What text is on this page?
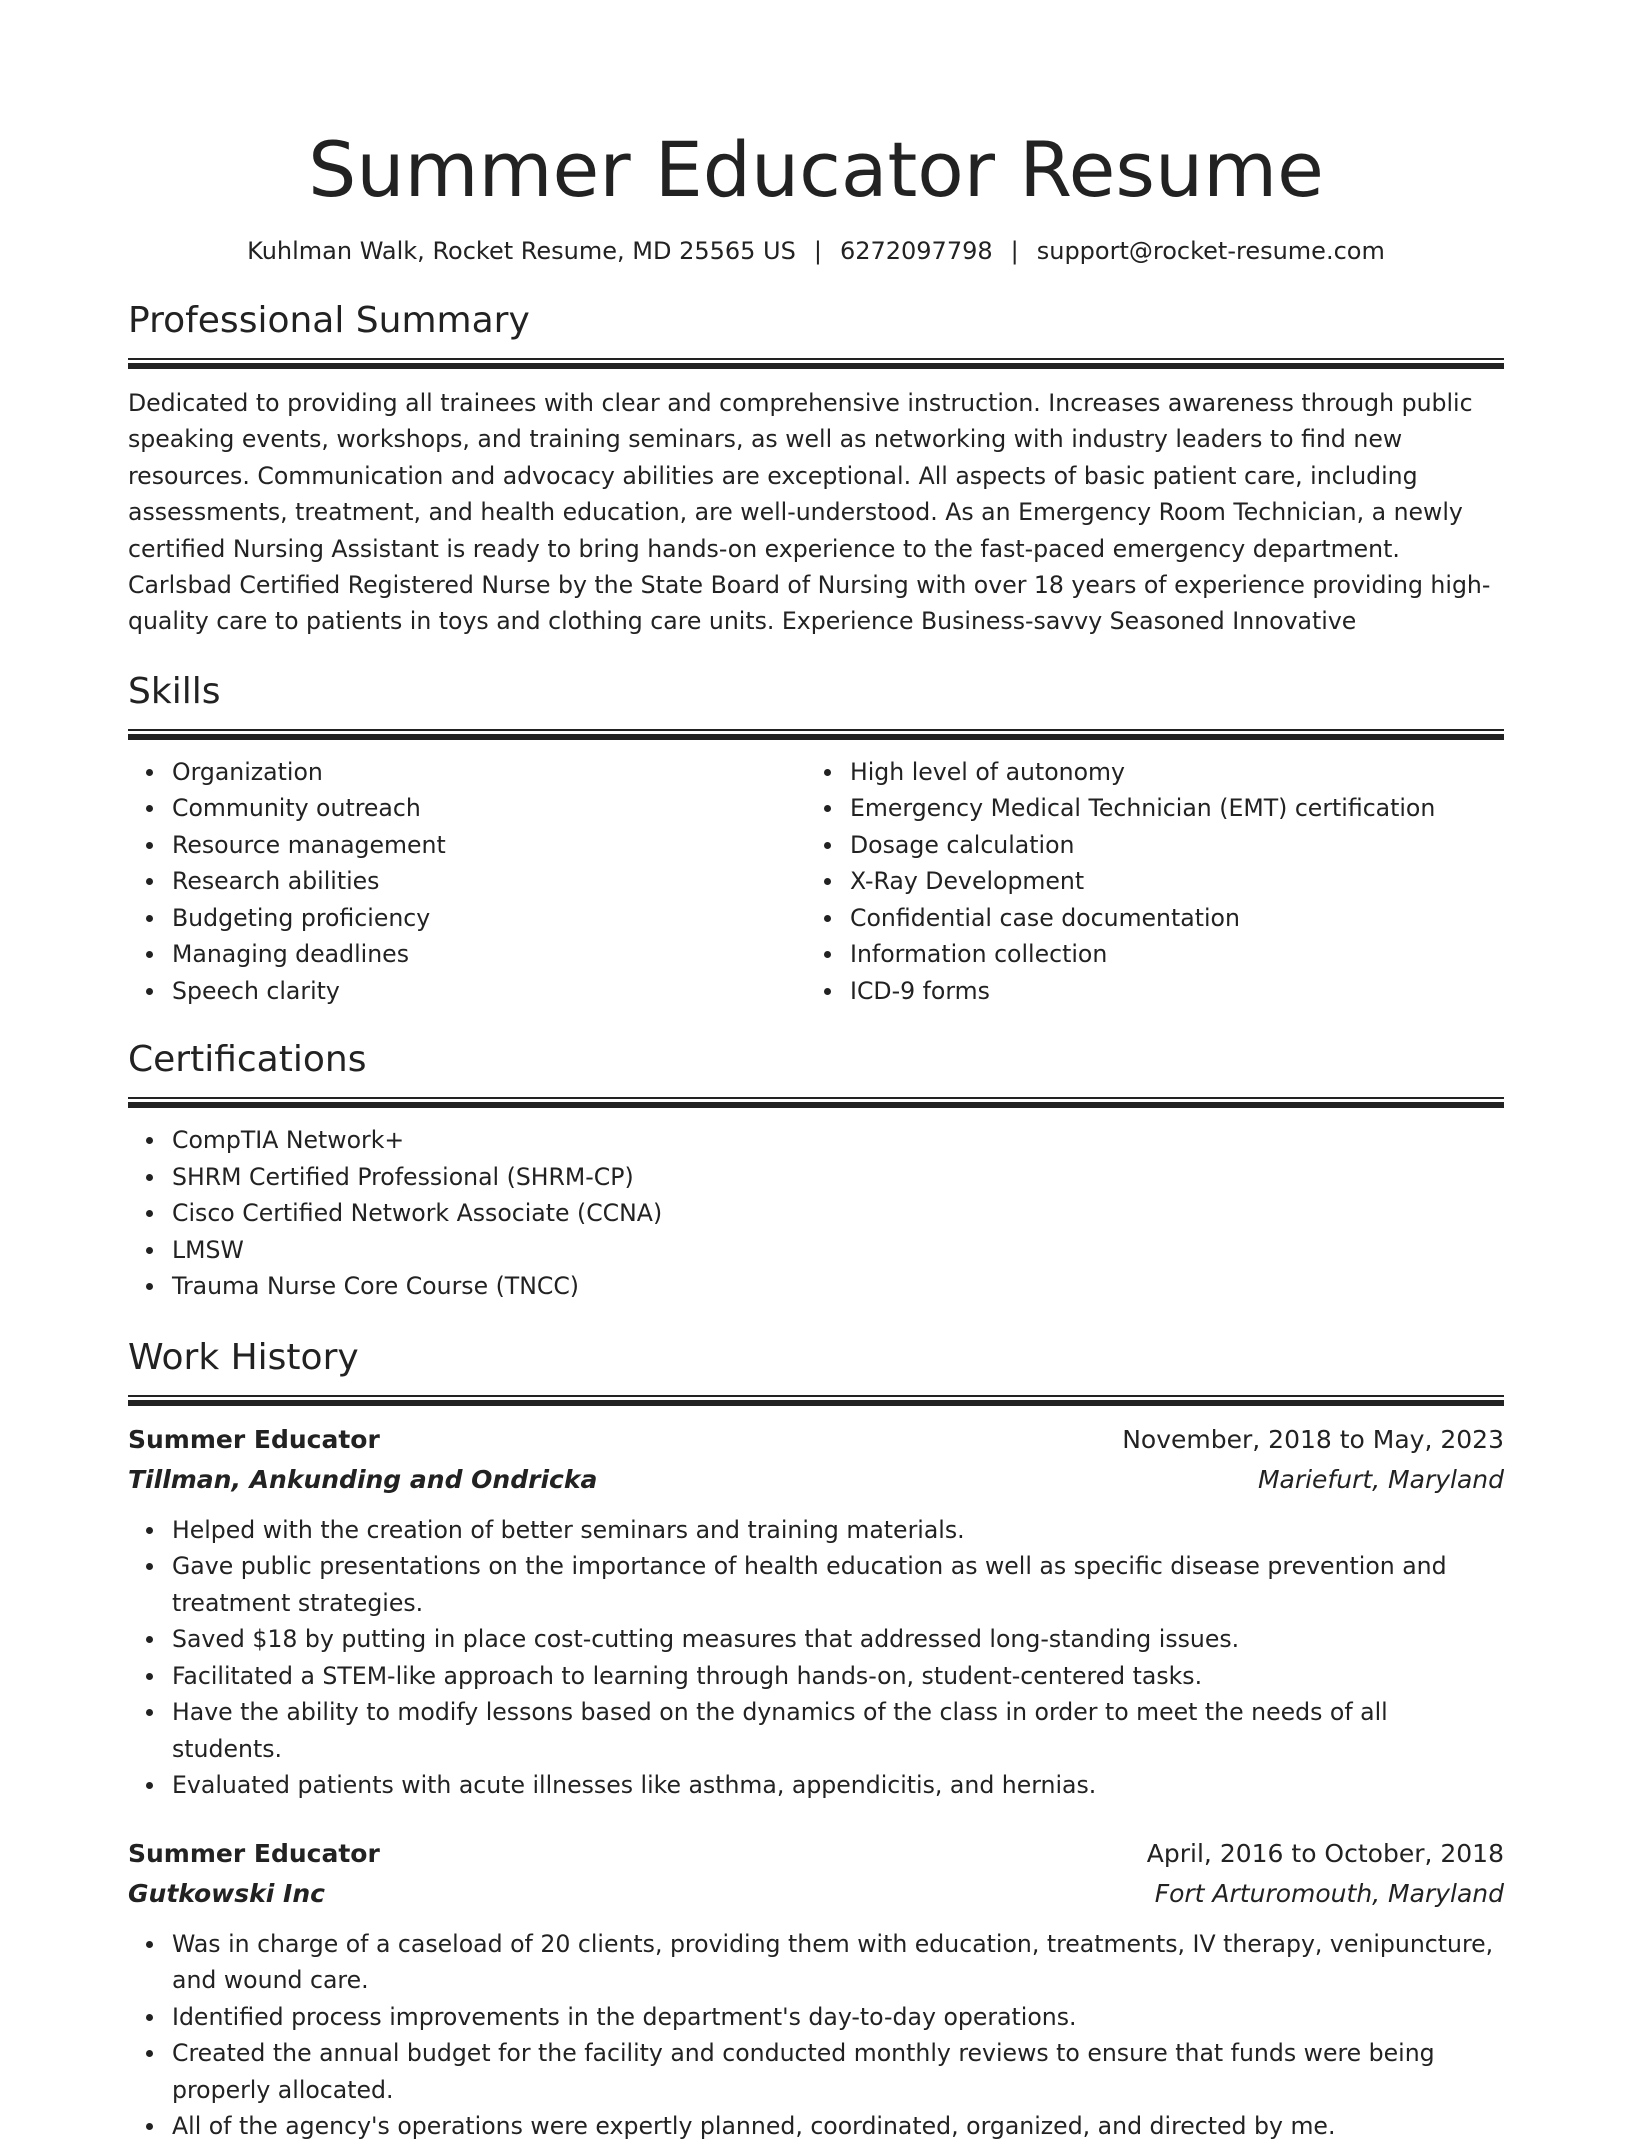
Summer Educator Resume
Kuhlman Walk, Rocket Resume, MD 25565 US | 6272097798 | support@rocket-resume.com
Professional Summary

Dedicated to providing all trainees with clear and comprehensive instruction. Increases awareness through public speaking events, workshops, and training seminars, as well as networking with industry leaders to find new resources. Communication and advocacy abilities are exceptional. All aspects of basic patient care, including assessments, treatment, and health education, are well-understood. As an Emergency Room Technician, a newly certified Nursing Assistant is ready to bring hands-on experience to the fast-paced emergency department. Carlsbad Certified Registered Nurse by the State Board of Nursing with over 18 years of experience providing high-quality care to patients in toys and clothing care units. Experience Business-savvy Seasoned Innovative

Skills
Organization
Community outreach
Resource management
Research abilities
Budgeting proficiency
Managing deadlines
Speech clarity
High level of autonomy
Emergency Medical Technician (EMT) certification
Dosage calculation
X-Ray Development
Confidential case documentation
Information collection
ICD-9 forms
Certifications
CompTIA Network+
SHRM Certified Professional (SHRM-CP)
Cisco Certified Network Associate (CCNA)
LMSW
Trauma Nurse Core Course (TNCC)
Work History
Summer Educator	November, 2018 to May, 2023
Tillman, Ankunding and Ondricka	Mariefurt, Maryland
Helped with the creation of better seminars and training materials.
Gave public presentations on the importance of health education as well as specific disease prevention and treatment strategies.
Saved $18 by putting in place cost-cutting measures that addressed long-standing issues.
Facilitated a STEM-like approach to learning through hands-on, student-centered tasks.
Have the ability to modify lessons based on the dynamics of the class in order to meet the needs of all students.
Evaluated patients with acute illnesses like asthma, appendicitis, and hernias.
Summer Educator	April, 2016 to October, 2018
Gutkowski Inc	Fort Arturomouth, Maryland
Was in charge of a caseload of 20 clients, providing them with education, treatments, IV therapy, venipuncture, and wound care.
Identified process improvements in the department's day-to-day operations.
Created the annual budget for the facility and conducted monthly reviews to ensure that funds were being properly allocated.
All of the agency's operations were expertly planned, coordinated, organized, and directed by me.
